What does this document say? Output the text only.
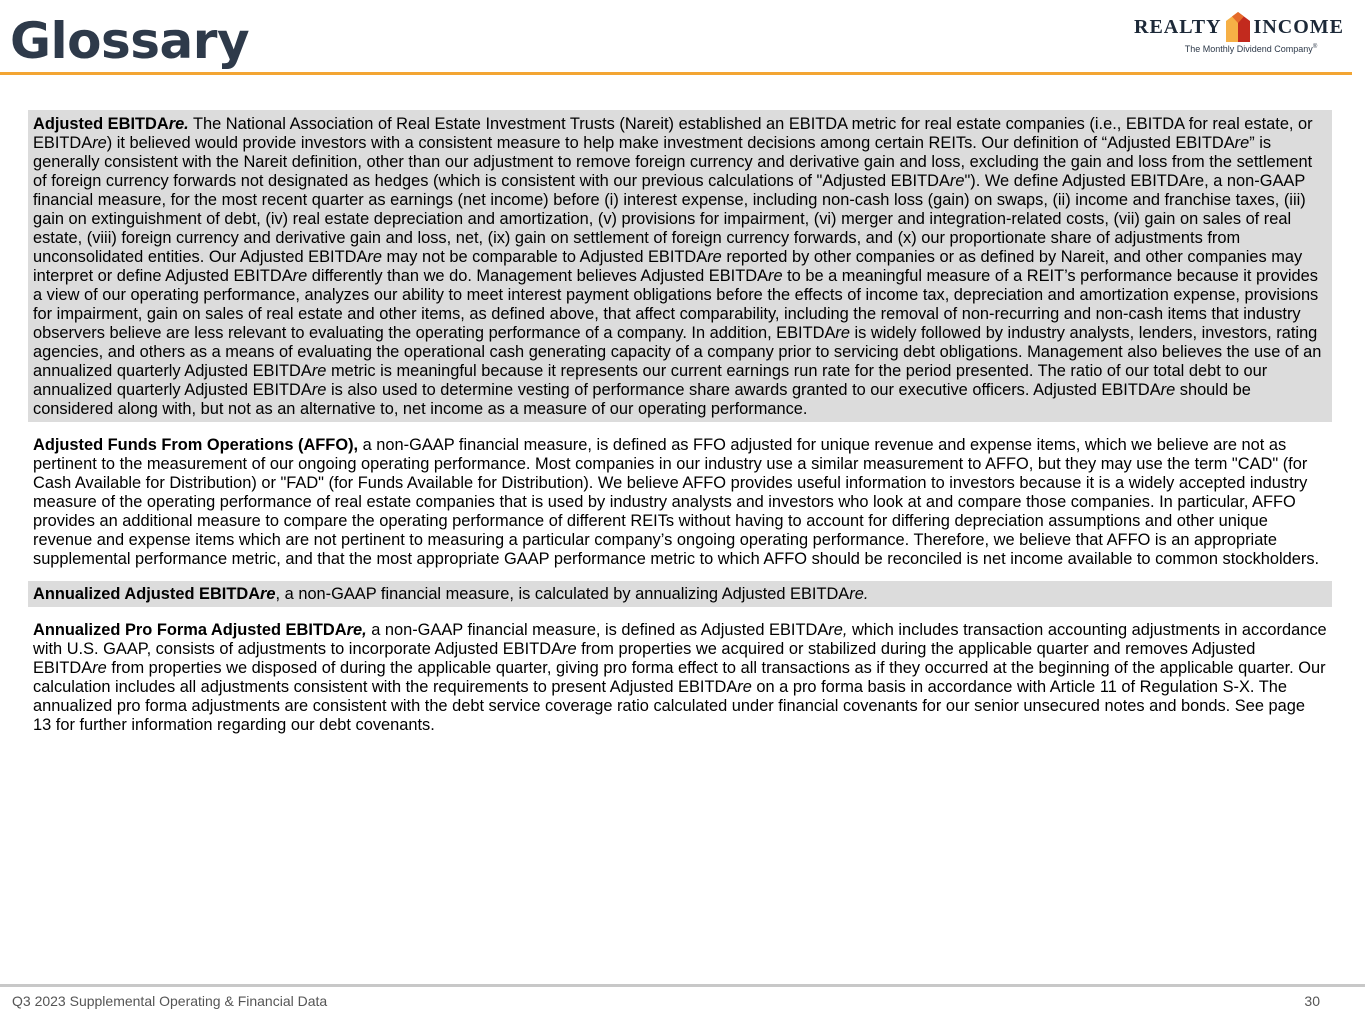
Glossary	REALTY INCOME
The Monthly Dividend Company®
Adjusted EBITDAre. The National Association of Real Estate Investment Trusts (Nareit) established an EBITDA metric for real estate companies (i.e., EBITDA for real estate, or EBITDAre) it believed would provide investors with a consistent measure to help make investment decisions among certain REITs. Our definition of “Adjusted EBITDAre” is generally consistent with the Nareit definition, other than our adjustment to remove foreign currency and derivative gain and loss, excluding the gain and loss from the settlement of foreign currency forwards not designated as hedges (which is consistent with our previous calculations of "Adjusted EBITDAre"). We define Adjusted EBITDAre, a non-GAAP financial measure, for the most recent quarter as earnings (net income) before (i) interest expense, including non-cash loss (gain) on swaps, (ii) income and franchise taxes, (iii) gain on extinguishment of debt, (iv) real estate depreciation and amortization, (v) provisions for impairment, (vi) merger and integration-related costs, (vii) gain on sales of real estate, (viii) foreign currency and derivative gain and loss, net, (ix) gain on settlement of foreign currency forwards, and (x) our proportionate share of adjustments from unconsolidated entities. Our Adjusted EBITDAre may not be comparable to Adjusted EBITDAre reported by other companies or as defined by Nareit, and other companies may interpret or define Adjusted EBITDAre differently than we do. Management believes Adjusted EBITDAre to be a meaningful measure of a REIT’s performance because it provides a view of our operating performance, analyzes our ability to meet interest payment obligations before the effects of income tax, depreciation and amortization expense, provisions for impairment, gain on sales of real estate and other items, as defined above, that affect comparability, including the removal of non-recurring and non-cash items that industry observers believe are less relevant to evaluating the operating performance of a company. In addition, EBITDAre is widely followed by industry analysts, lenders, investors, rating agencies, and others as a means of evaluating the operational cash generating capacity of a company prior to servicing debt obligations. Management also believes the use of an annualized quarterly Adjusted EBITDAre metric is meaningful because it represents our current earnings run rate for the period presented. The ratio of our total debt to our annualized quarterly Adjusted EBITDAre is also used to determine vesting of performance share awards granted to our executive officers. Adjusted EBITDAre should be considered along with, but not as an alternative to, net income as a measure of our operating performance.
Adjusted Funds From Operations (AFFO), a non-GAAP financial measure, is defined as FFO adjusted for unique revenue and expense items, which we believe are not as pertinent to the measurement of our ongoing operating performance. Most companies in our industry use a similar measurement to AFFO, but they may use the term "CAD" (for Cash Available for Distribution) or "FAD" (for Funds Available for Distribution). We believe AFFO provides useful information to investors because it is a widely accepted industry measure of the operating performance of real estate companies that is used by industry analysts and investors who look at and compare those companies. In particular, AFFO provides an additional measure to compare the operating performance of different REITs without having to account for differing depreciation assumptions and other unique revenue and expense items which are not pertinent to measuring a particular company’s ongoing operating performance. Therefore, we believe that AFFO is an appropriate supplemental performance metric, and that the most appropriate GAAP performance metric to which AFFO should be reconciled is net income available to common stockholders.
Annualized Adjusted EBITDAre, a non-GAAP financial measure, is calculated by annualizing Adjusted EBITDAre.
Annualized Pro Forma Adjusted EBITDAre, a non-GAAP financial measure, is defined as Adjusted EBITDAre, which includes transaction accounting adjustments in accordance with U.S. GAAP, consists of adjustments to incorporate Adjusted EBITDAre from properties we acquired or stabilized during the applicable quarter and removes Adjusted EBITDAre from properties we disposed of during the applicable quarter, giving pro forma effect to all transactions as if they occurred at the beginning of the applicable quarter. Our calculation includes all adjustments consistent with the requirements to present Adjusted EBITDAre on a pro forma basis in accordance with Article 11 of Regulation S-X. The annualized pro forma adjustments are consistent with the debt service coverage ratio calculated under financial covenants for our senior unsecured notes and bonds. See page 13 for further information regarding our debt covenants.
Q3 2023 Supplemental Operating & Financial Data	30
